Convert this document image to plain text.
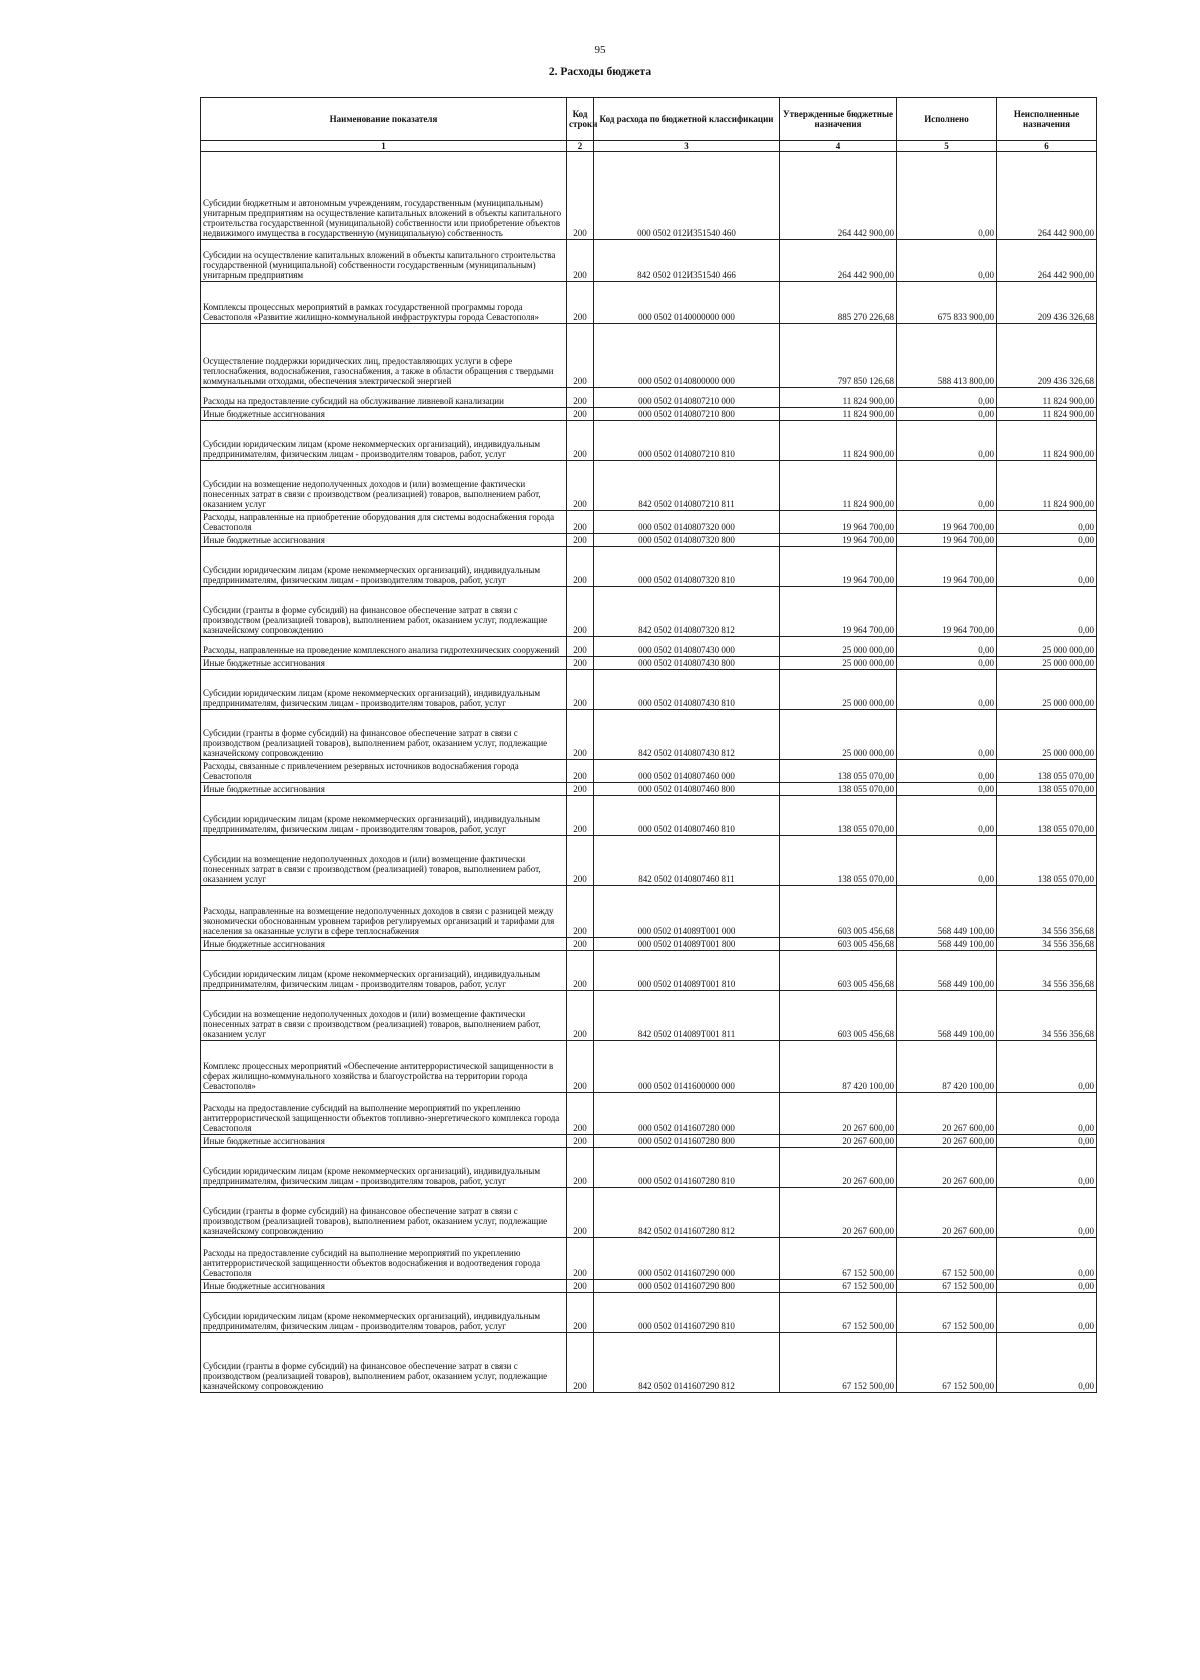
95
2. Расходы бюджета
Наименование показателя	Код строки	Код расхода по бюджетной классификации	Утвержденные бюджетные назначения	Исполнено	Неисполненные назначения
1	2	3	4	5	6
Субсидии бюджетным и автономным учреждениям, государственным (муниципальным) унитарным предприятиям на осуществление капитальных вложений в объекты капитального строительства государственной (муниципальной) собственности или приобретение объектов недвижимого имущества в государственную (муниципальную) собственность	200	000 0502 012И351540 460	264 442 900,00	0,00	264 442 900,00
Субсидии на осуществление капитальных вложений в объекты капитального строительства государственной (муниципальной) собственности государственным (муниципальным) унитарным предприятиям	200	842 0502 012И351540 466	264 442 900,00	0,00	264 442 900,00
Комплексы процессных мероприятий в рамках государственной программы города Севастополя «Развитие жилищно-коммунальной инфраструктуры города Севастополя»	200	000 0502 0140000000 000	885 270 226,68	675 833 900,00	209 436 326,68
Осуществление поддержки юридических лиц, предоставляющих услуги в сфере теплоснабжения, водоснабжения, газоснабжения, а также в области обращения с твердыми коммунальными отходами, обеспечения электрической энергией	200	000 0502 0140800000 000	797 850 126,68	588 413 800,00	209 436 326,68
Расходы на предоставление субсидий на обслуживание ливневой канализации	200	000 0502 0140807210 000	11 824 900,00	0,00	11 824 900,00
Иные бюджетные ассигнования	200	000 0502 0140807210 800	11 824 900,00	0,00	11 824 900,00
Субсидии юридическим лицам (кроме некоммерческих организаций), индивидуальным предпринимателям, физическим лицам - производителям товаров, работ, услуг	200	000 0502 0140807210 810	11 824 900,00	0,00	11 824 900,00
Субсидии на возмещение недополученных доходов и (или) возмещение фактически понесенных затрат в связи с производством (реализацией) товаров, выполнением работ, оказанием услуг	200	842 0502 0140807210 811	11 824 900,00	0,00	11 824 900,00
Расходы, направленные на приобретение оборудования для системы водоснабжения города Севастополя	200	000 0502 0140807320 000	19 964 700,00	19 964 700,00	0,00
Иные бюджетные ассигнования	200	000 0502 0140807320 800	19 964 700,00	19 964 700,00	0,00
Субсидии юридическим лицам (кроме некоммерческих организаций), индивидуальным предпринимателям, физическим лицам - производителям товаров, работ, услуг	200	000 0502 0140807320 810	19 964 700,00	19 964 700,00	0,00
Субсидии (гранты в форме субсидий) на финансовое обеспечение затрат в связи с производством (реализацией товаров), выполнением работ, оказанием услуг, подлежащие казначейскому сопровождению	200	842 0502 0140807320 812	19 964 700,00	19 964 700,00	0,00
Расходы, направленные на проведение комплексного анализа гидротехнических сооружений	200	000 0502 0140807430 000	25 000 000,00	0,00	25 000 000,00
Иные бюджетные ассигнования	200	000 0502 0140807430 800	25 000 000,00	0,00	25 000 000,00
Субсидии юридическим лицам (кроме некоммерческих организаций), индивидуальным предпринимателям, физическим лицам - производителям товаров, работ, услуг	200	000 0502 0140807430 810	25 000 000,00	0,00	25 000 000,00
Субсидии (гранты в форме субсидий) на финансовое обеспечение затрат в связи с производством (реализацией товаров), выполнением работ, оказанием услуг, подлежащие казначейскому сопровождению	200	842 0502 0140807430 812	25 000 000,00	0,00	25 000 000,00
Расходы, связанные с привлечением резервных источников водоснабжения города Севастополя	200	000 0502 0140807460 000	138 055 070,00	0,00	138 055 070,00
Иные бюджетные ассигнования	200	000 0502 0140807460 800	138 055 070,00	0,00	138 055 070,00
Субсидии юридическим лицам (кроме некоммерческих организаций), индивидуальным предпринимателям, физическим лицам - производителям товаров, работ, услуг	200	000 0502 0140807460 810	138 055 070,00	0,00	138 055 070,00
Субсидии на возмещение недополученных доходов и (или) возмещение фактически понесенных затрат в связи с производством (реализацией) товаров, выполнением работ, оказанием услуг	200	842 0502 0140807460 811	138 055 070,00	0,00	138 055 070,00
Расходы, направленные на возмещение недополученных доходов в связи с разницей между экономически обоснованным уровнем тарифов регулируемых организаций и тарифами для населения за оказанные услуги в сфере теплоснабжения	200	000 0502 014089Т001 000	603 005 456,68	568 449 100,00	34 556 356,68
Иные бюджетные ассигнования	200	000 0502 014089Т001 800	603 005 456,68	568 449 100,00	34 556 356,68
Субсидии юридическим лицам (кроме некоммерческих организаций), индивидуальным предпринимателям, физическим лицам - производителям товаров, работ, услуг	200	000 0502 014089Т001 810	603 005 456,68	568 449 100,00	34 556 356,68
Субсидии на возмещение недополученных доходов и (или) возмещение фактически понесенных затрат в связи с производством (реализацией) товаров, выполнением работ, оказанием услуг	200	842 0502 014089Т001 811	603 005 456,68	568 449 100,00	34 556 356,68
Комплекс процессных мероприятий «Обеспечение антитеррористической защищенности в сферах жилищно-коммунального хозяйства и благоустройства на территории города Севастополя»	200	000 0502 0141600000 000	87 420 100,00	87 420 100,00	0,00
Расходы на предоставление субсидий на выполнение мероприятий по укреплению антитеррористической защищенности объектов топливно-энергетического комплекса города Севастополя	200	000 0502 0141607280 000	20 267 600,00	20 267 600,00	0,00
Иные бюджетные ассигнования	200	000 0502 0141607280 800	20 267 600,00	20 267 600,00	0,00
Субсидии юридическим лицам (кроме некоммерческих организаций), индивидуальным предпринимателям, физическим лицам - производителям товаров, работ, услуг	200	000 0502 0141607280 810	20 267 600,00	20 267 600,00	0,00
Субсидии (гранты в форме субсидий) на финансовое обеспечение затрат в связи с производством (реализацией товаров), выполнением работ, оказанием услуг, подлежащие казначейскому сопровождению	200	842 0502 0141607280 812	20 267 600,00	20 267 600,00	0,00
Расходы на предоставление субсидий на выполнение мероприятий по укреплению антитеррористической защищенности объектов водоснабжения и водоотведения города Севастополя	200	000 0502 0141607290 000	67 152 500,00	67 152 500,00	0,00
Иные бюджетные ассигнования	200	000 0502 0141607290 800	67 152 500,00	67 152 500,00	0,00
Субсидии юридическим лицам (кроме некоммерческих организаций), индивидуальным предпринимателям, физическим лицам - производителям товаров, работ, услуг	200	000 0502 0141607290 810	67 152 500,00	67 152 500,00	0,00
Субсидии (гранты в форме субсидий) на финансовое обеспечение затрат в связи с производством (реализацией товаров), выполнением работ, оказанием услуг, подлежащие казначейскому сопровождению	200	842 0502 0141607290 812	67 152 500,00	67 152 500,00	0,00
